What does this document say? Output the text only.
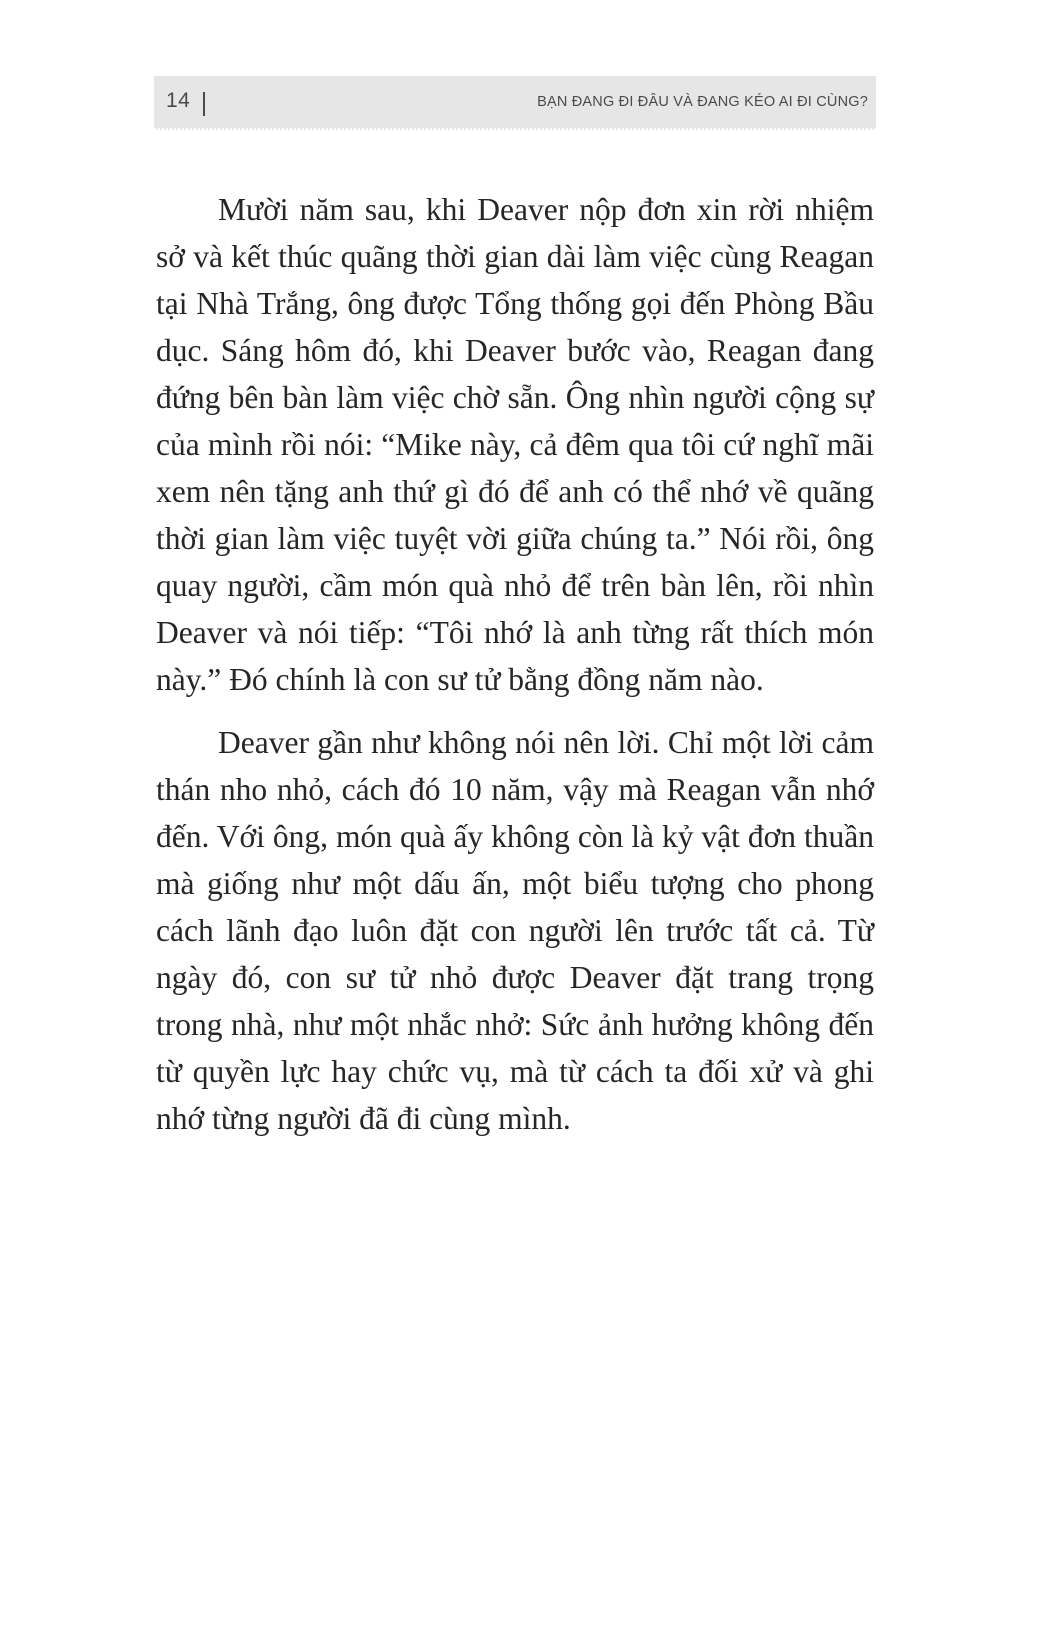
14	BẠN ĐANG ĐI ĐÂU VÀ ĐANG KÉO AI ĐI CÙNG?

Mười năm sau, khi Deaver nộp đơn xin rời nhiệm sở và kết thúc quãng thời gian dài làm việc cùng Reagan tại Nhà Trắng, ông được Tổng thống gọi đến Phòng Bầu dục. Sáng hôm đó, khi Deaver bước vào, Reagan đang đứng bên bàn làm việc chờ sẵn. Ông nhìn người cộng sự của mình rồi nói: “Mike này, cả đêm qua tôi cứ nghĩ mãi xem nên tặng anh thứ gì đó để anh có thể nhớ về quãng thời gian làm việc tuyệt vời giữa chúng ta.” Nói rồi, ông quay người, cầm món quà nhỏ để trên bàn lên, rồi nhìn Deaver và nói tiếp: “Tôi nhớ là anh từng rất thích món này.” Đó chính là con sư tử bằng đồng năm nào.

Deaver gần như không nói nên lời. Chỉ một lời cảm thán nho nhỏ, cách đó 10 năm, vậy mà Reagan vẫn nhớ đến. Với ông, món quà ấy không còn là kỷ vật đơn thuần mà giống như một dấu ấn, một biểu tượng cho phong cách lãnh đạo luôn đặt con người lên trước tất cả. Từ ngày đó, con sư tử nhỏ được Deaver đặt trang trọng trong nhà, như một nhắc nhở: Sức ảnh hưởng không đến từ quyền lực hay chức vụ, mà từ cách ta đối xử và ghi nhớ từng người đã đi cùng mình.
